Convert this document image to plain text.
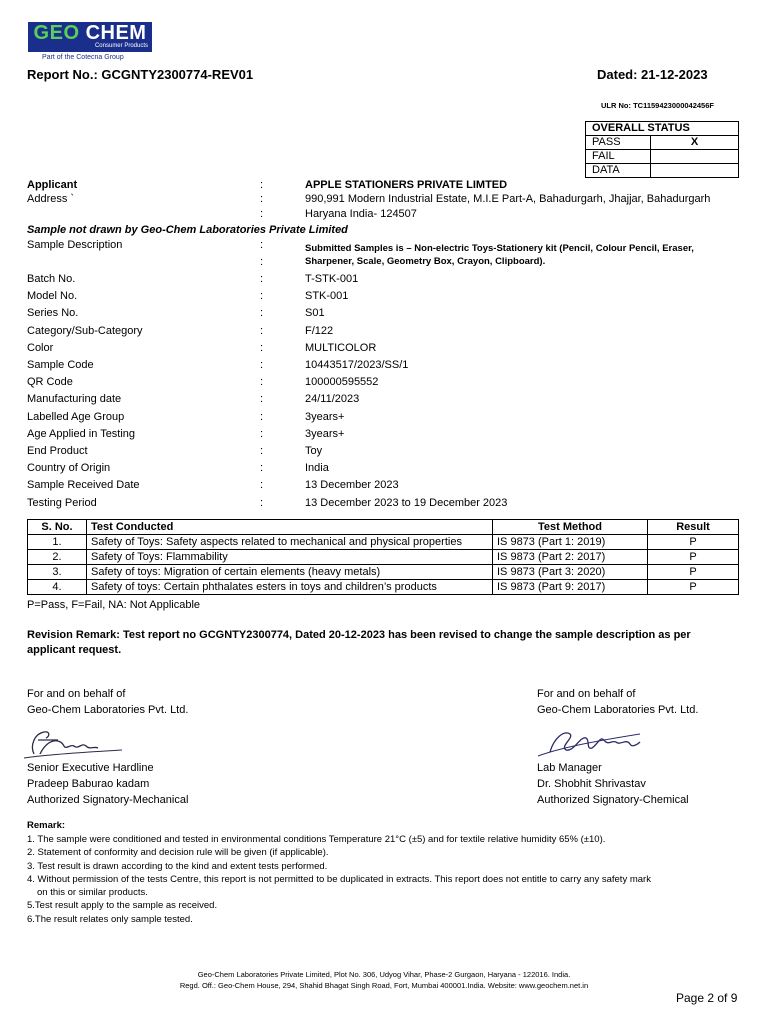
GEO CHEM
Consumer Products
Part of the Cotecna Group
Report No.: GCGNTY2300774-REV01	Dated: 21-12-2023
ULR No: TC1159423000042456F
OVERALL STATUS	
PASS	X
FAIL	
DATA	
Applicant	:	APPLE STATIONERS PRIVATE LIMTED
Address `	:	990,991 Modern Industrial Estate, M.I.E Part-A, Bahadurgarh, Jhajjar, Bahadurgarh
:	Haryana India- 124507
Sample not drawn by Geo-Chem Laboratories Private Limited
Sample Description	:	Submitted Samples is – Non-electric Toys-Stationery kit (Pencil, Colour Pencil, Eraser,
:	Sharpener, Scale, Geometry Box, Crayon, Clipboard).
Batch No.	:	T-STK-001
Model No.	:	STK-001
Series No.	:	S01
Category/Sub-Category	:	F/122
Color	:	MULTICOLOR
Sample Code	:	10443517/2023/SS/1
QR Code	:	100000595552
Manufacturing date	:	24/11/2023
Labelled Age Group	:	3years+
Age Applied in Testing	:	3years+
End Product	:	Toy
Country of Origin	:	India
Sample Received Date	:	13 December 2023
Testing Period	:	13 December 2023 to 19 December 2023
S. No.	Test Conducted	Test Method	Result
1.	Safety of Toys: Safety aspects related to mechanical and physical properties	IS 9873 (Part 1: 2019)	P
2.	Safety of Toys: Flammability	IS 9873 (Part 2: 2017)	P
3.	Safety of toys: Migration of certain elements (heavy metals)	IS 9873 (Part 3: 2020)	P
4.	Safety of toys: Certain phthalates esters in toys and children’s products	IS 9873 (Part 9: 2017)	P
P=Pass, F=Fail, NA: Not Applicable
Revision Remark: Test report no GCGNTY2300774, Dated 20-12-2023 has been revised to change the sample description as per applicant request.
For and on behalf of
Geo-Chem Laboratories Pvt. Ltd.
Senior Executive Hardline
Pradeep Baburao kadam
Authorized Signatory-Mechanical
For and on behalf of
Geo-Chem Laboratories Pvt. Ltd.
Lab Manager
Dr. Shobhit Shrivastav
Authorized Signatory-Chemical
Remark:
1. The sample were conditioned and tested in environmental conditions Temperature 21°C (±5) and for textile relative humidity 65% (±10).
2. Statement of conformity and decision rule will be given (if applicable).
3. Test result is drawn according to the kind and extent tests performed.
4. Without permission of the tests Centre, this report is not permitted to be duplicated in extracts. This report does not entitle to carry any safety mark
on this or similar products.
5.Test result apply to the sample as received.
6.The result relates only sample tested.
Geo-Chem Laboratories Private Limited, Plot No. 306, Udyog Vihar, Phase-2 Gurgaon, Haryana - 122016. India.
Regd. Off.: Geo-Chem House, 294, Shahid Bhagat Singh Road, Fort, Mumbai 400001.India. Website: www.geochem.net.in
Page 2 of 9
